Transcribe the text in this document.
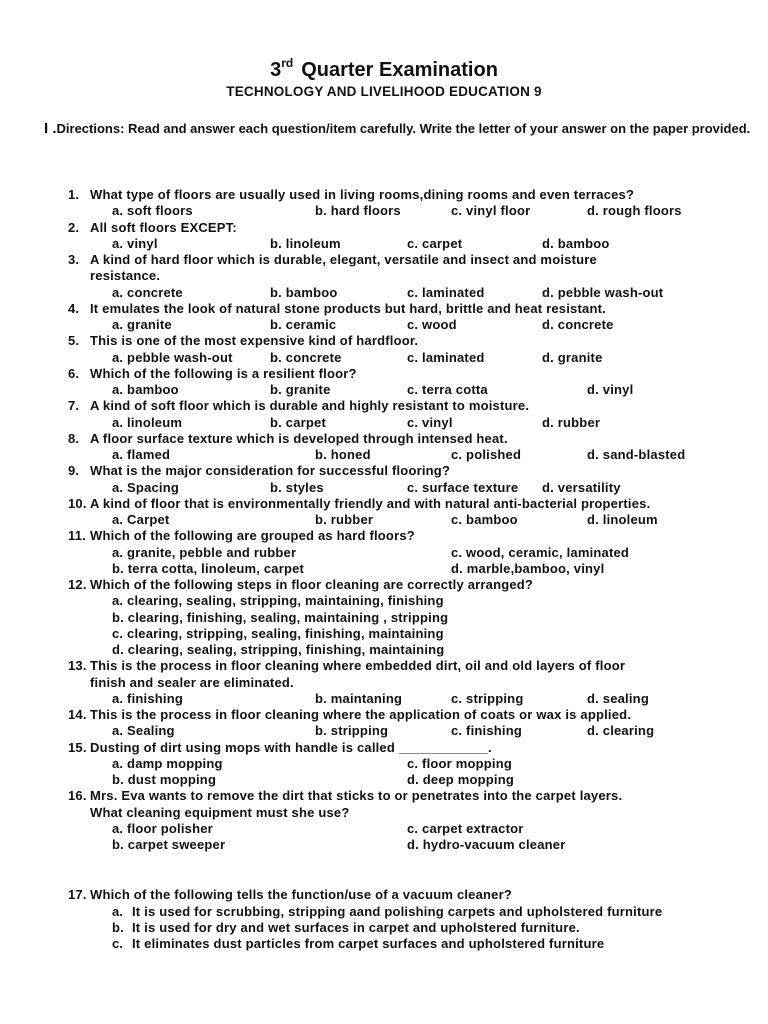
3rd Quarter Examination
TECHNOLOGY AND LIVELIHOOD EDUCATION 9
I .Directions: Read and answer each question/item carefully. Write the letter of your answer on the paper provided.
1. What type of floors are usually used in living rooms,dining rooms and even terraces?
a. soft floors	b. hard floors	c. vinyl floor	d. rough floors
2. All soft floors EXCEPT:
a. vinyl	b. linoleum	c. carpet	d. bamboo
3. A kind of hard floor which is durable, elegant, versatile and insect and moisture
resistance.
a. concrete	b. bamboo	c. laminated	d. pebble wash-out
4. It emulates the look of natural stone products but hard, brittle and heat resistant.
a. granite	b. ceramic	c. wood	d. concrete
5. This is one of the most expensive kind of hardfloor.
a. pebble wash-out	b. concrete	c. laminated	d. granite
6. Which of the following is a resilient floor?
a. bamboo	b. granite	c. terra cotta	d. vinyl
7. A kind of soft floor which is durable and highly resistant to moisture.
a. linoleum	b. carpet	c. vinyl	d. rubber
8. A floor surface texture which is developed through intensed heat.
a. flamed	b. honed	c. polished	d. sand-blasted
9. What is the major consideration for successful flooring?
a. Spacing	b. styles	c. surface texture d. versatility
10. A kind of floor that is environmentally friendly and with natural anti-bacterial properties.
a. Carpet	b. rubber	c. bamboo	d. linoleum
11. Which of the following are grouped as hard floors?
a. granite, pebble and rubber	c. wood, ceramic, laminated
b. terra cotta, linoleum, carpet	d. marble,bamboo, vinyl
12. Which of the following steps in floor cleaning are correctly arranged?
a. clearing, sealing, stripping, maintaining, finishing
b. clearing, finishing, sealing, maintaining , stripping
c. clearing, stripping, sealing, finishing, maintaining
d. clearing, sealing, stripping, finishing, maintaining
13. This is the process in floor cleaning where embedded dirt, oil and old layers of floor
finish and sealer are eliminated.
a. finishing	b. maintaning	c. stripping	d. sealing
14. This is the process in floor cleaning where the application of coats or wax is applied.
a. Sealing	b. stripping	c. finishing	d. clearing
15. Dusting of dirt using mops with handle is called ____________.
a. damp mopping	c. floor mopping
b. dust mopping	d. deep mopping
16. Mrs. Eva wants to remove the dirt that sticks to or penetrates into the carpet layers.
What cleaning equipment must she use?
a. floor polisher	c. carpet extractor
b. carpet sweeper	d. hydro-vacuum cleaner
17. Which of the following tells the function/use of a vacuum cleaner?
a. It is used for scrubbing, stripping aand polishing carpets and upholstered furniture
b. It is used for dry and wet surfaces in carpet and upholstered furniture.
c. It eliminates dust particles from carpet surfaces and upholstered furniture
